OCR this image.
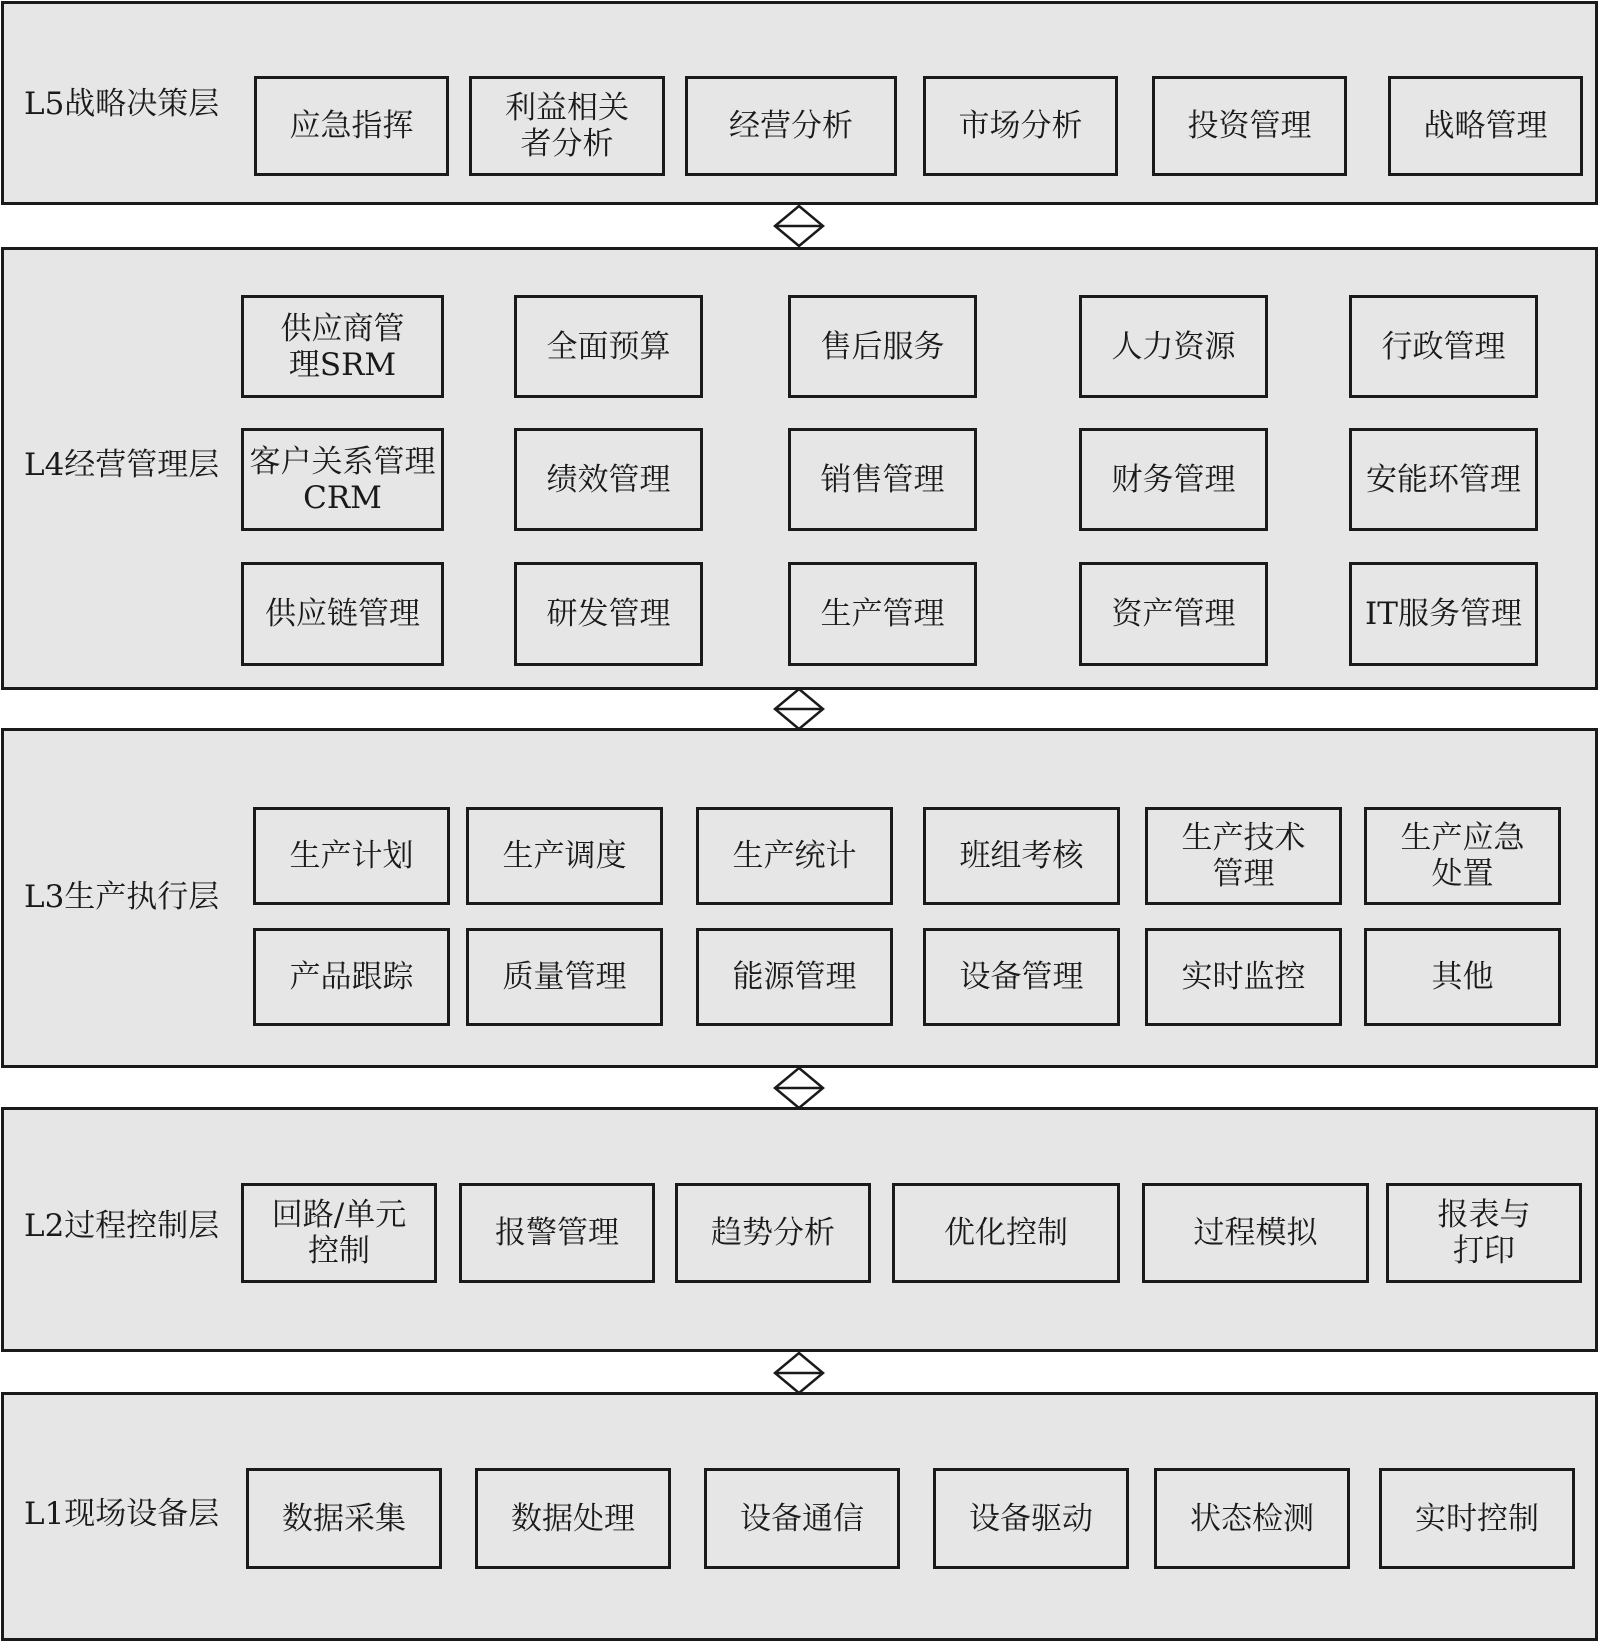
L5战略决策层
应急指挥	利益相关
者分析	经营分析	市场分析	投资管理	战略管理
L4经营管理层
供应商管
理SRM	全面预算	售后服务	人力资源	行政管理
客户关系管理
CRM	绩效管理	销售管理	财务管理	安能环管理
供应链管理	研发管理	生产管理	资产管理	IT服务管理
L3生产执行层
生产计划	生产调度	生产统计	班组考核	生产技术
管理
生产应急
处置
产品跟踪	质量管理	能源管理	设备管理	实时监控	其他
L2过程控制层	回路/单元
控制	报警管理	趋势分析	优化控制	过程模拟	报表与
打印
L1现场设备层	数据采集	数据处理	设备通信	设备驱动	状态检测	实时控制
